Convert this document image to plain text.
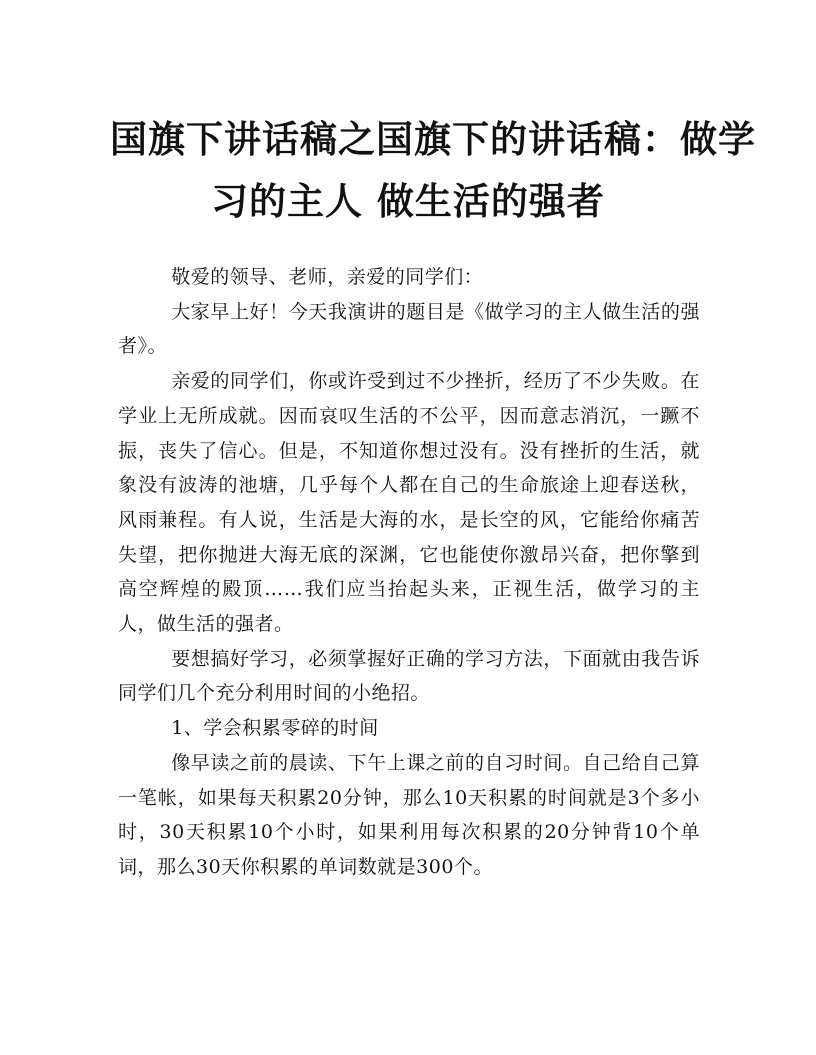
国旗下讲话稿之国旗下的讲话稿：做学
习的主人 做生活的强者

敬爱的领导、老师，亲爱的同学们：

大家早上好！今天我演讲的题目是《做学习的主人做生活的强者》。

亲爱的同学们，你或许受到过不少挫折，经历了不少失败。在学业上无所成就。因而哀叹生活的不公平，因而意志消沉，一蹶不振，丧失了信心。但是，不知道你想过没有。没有挫折的生活，就象没有波涛的池塘，几乎每个人都在自己的生命旅途上迎春送秋，风雨兼程。有人说，生活是大海的水，是长空的风，它能给你痛苦失望，把你抛进大海无底的深渊，它也能使你激昂兴奋，把你擎到高空辉煌的殿顶……我们应当抬起头来，正视生活，做学习的主人，做生活的强者。

要想搞好学习，必须掌握好正确的学习方法，下面就由我告诉同学们几个充分利用时间的小绝招。

1、学会积累零碎的时间

像早读之前的晨读、下午上课之前的自习时间。自己给自己算一笔帐，如果每天积累20分钟，那么10天积累的时间就是3个多小时，30天积累10个小时，如果利用每次积累的20分钟背10个单词，那么30天你积累的单词数就是300个。
